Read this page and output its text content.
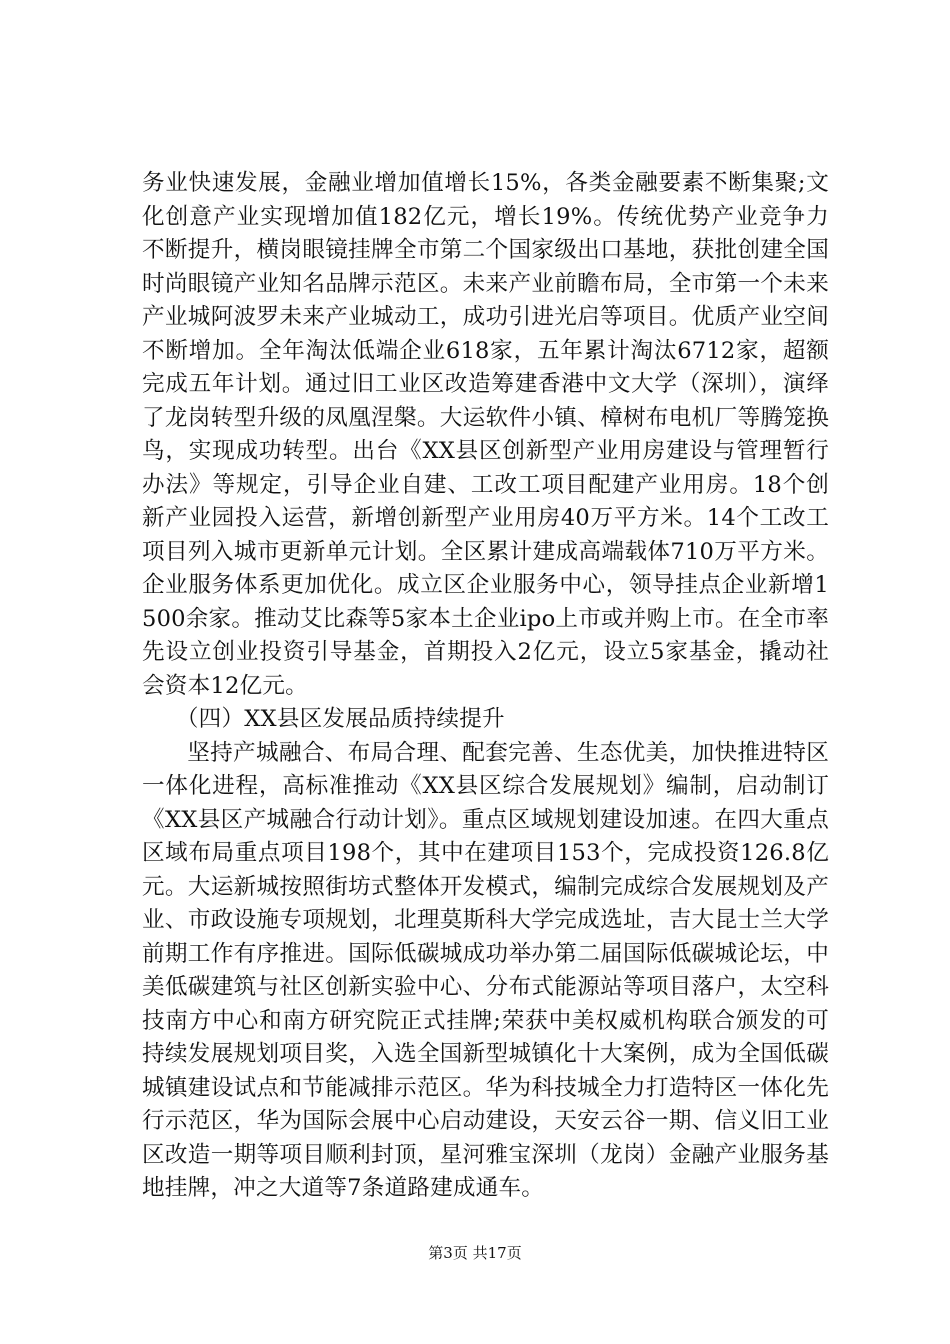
务业快速发展，金融业增加值增长15%，各类金融要素不断集聚;文化创意产业实现增加值182亿元，增长19%。传统优势产业竞争力不断提升，横岗眼镜挂牌全市第二个国家级出口基地，获批创建全国时尚眼镜产业知名品牌示范区。未来产业前瞻布局，全市第一个未来产业城阿波罗未来产业城动工，成功引进光启等项目。优质产业空间不断增加。全年淘汰低端企业618家，五年累计淘汰6712家，超额完成五年计划。通过旧工业区改造筹建香港中文大学（深圳），演绎了龙岗转型升级的凤凰涅槃。大运软件小镇、樟树布电机厂等腾笼换鸟，实现成功转型。出台《XX县区创新型产业用房建设与管理暂行办法》等规定，引导企业自建、工改工项目配建产业用房。18个创新产业园投入运营，新增创新型产业用房40万平方米。14个工改工项目列入城市更新单元计划。全区累计建成高端载体710万平方米。企业服务体系更加优化。成立区企业服务中心，领导挂点企业新增1500余家。推动艾比森等5家本土企业ipo上市或并购上市。在全市率先设立创业投资引导基金，首期投入2亿元，设立5家基金，撬动社会资本12亿元。

（四）XX县区发展品质持续提升

坚持产城融合、布局合理、配套完善、生态优美，加快推进特区一体化进程，高标准推动《XX县区综合发展规划》编制，启动制订《XX县区产城融合行动计划》。重点区域规划建设加速。在四大重点区域布局重点项目198个，其中在建项目153个，完成投资126.8亿元。大运新城按照街坊式整体开发模式，编制完成综合发展规划及产业、市政设施专项规划，北理莫斯科大学完成选址，吉大昆士兰大学前期工作有序推进。国际低碳城成功举办第二届国际低碳城论坛，中美低碳建筑与社区创新实验中心、分布式能源站等项目落户，太空科技南方中心和南方研究院正式挂牌;荣获中美权威机构联合颁发的可持续发展规划项目奖，入选全国新型城镇化十大案例，成为全国低碳城镇建设试点和节能减排示范区。华为科技城全力打造特区一体化先行示范区，华为国际会展中心启动建设，天安云谷一期、信义旧工业区改造一期等项目顺利封顶，星河雅宝深圳（龙岗）金融产业服务基地挂牌，冲之大道等7条道路建成通车。

第3页 共17页
